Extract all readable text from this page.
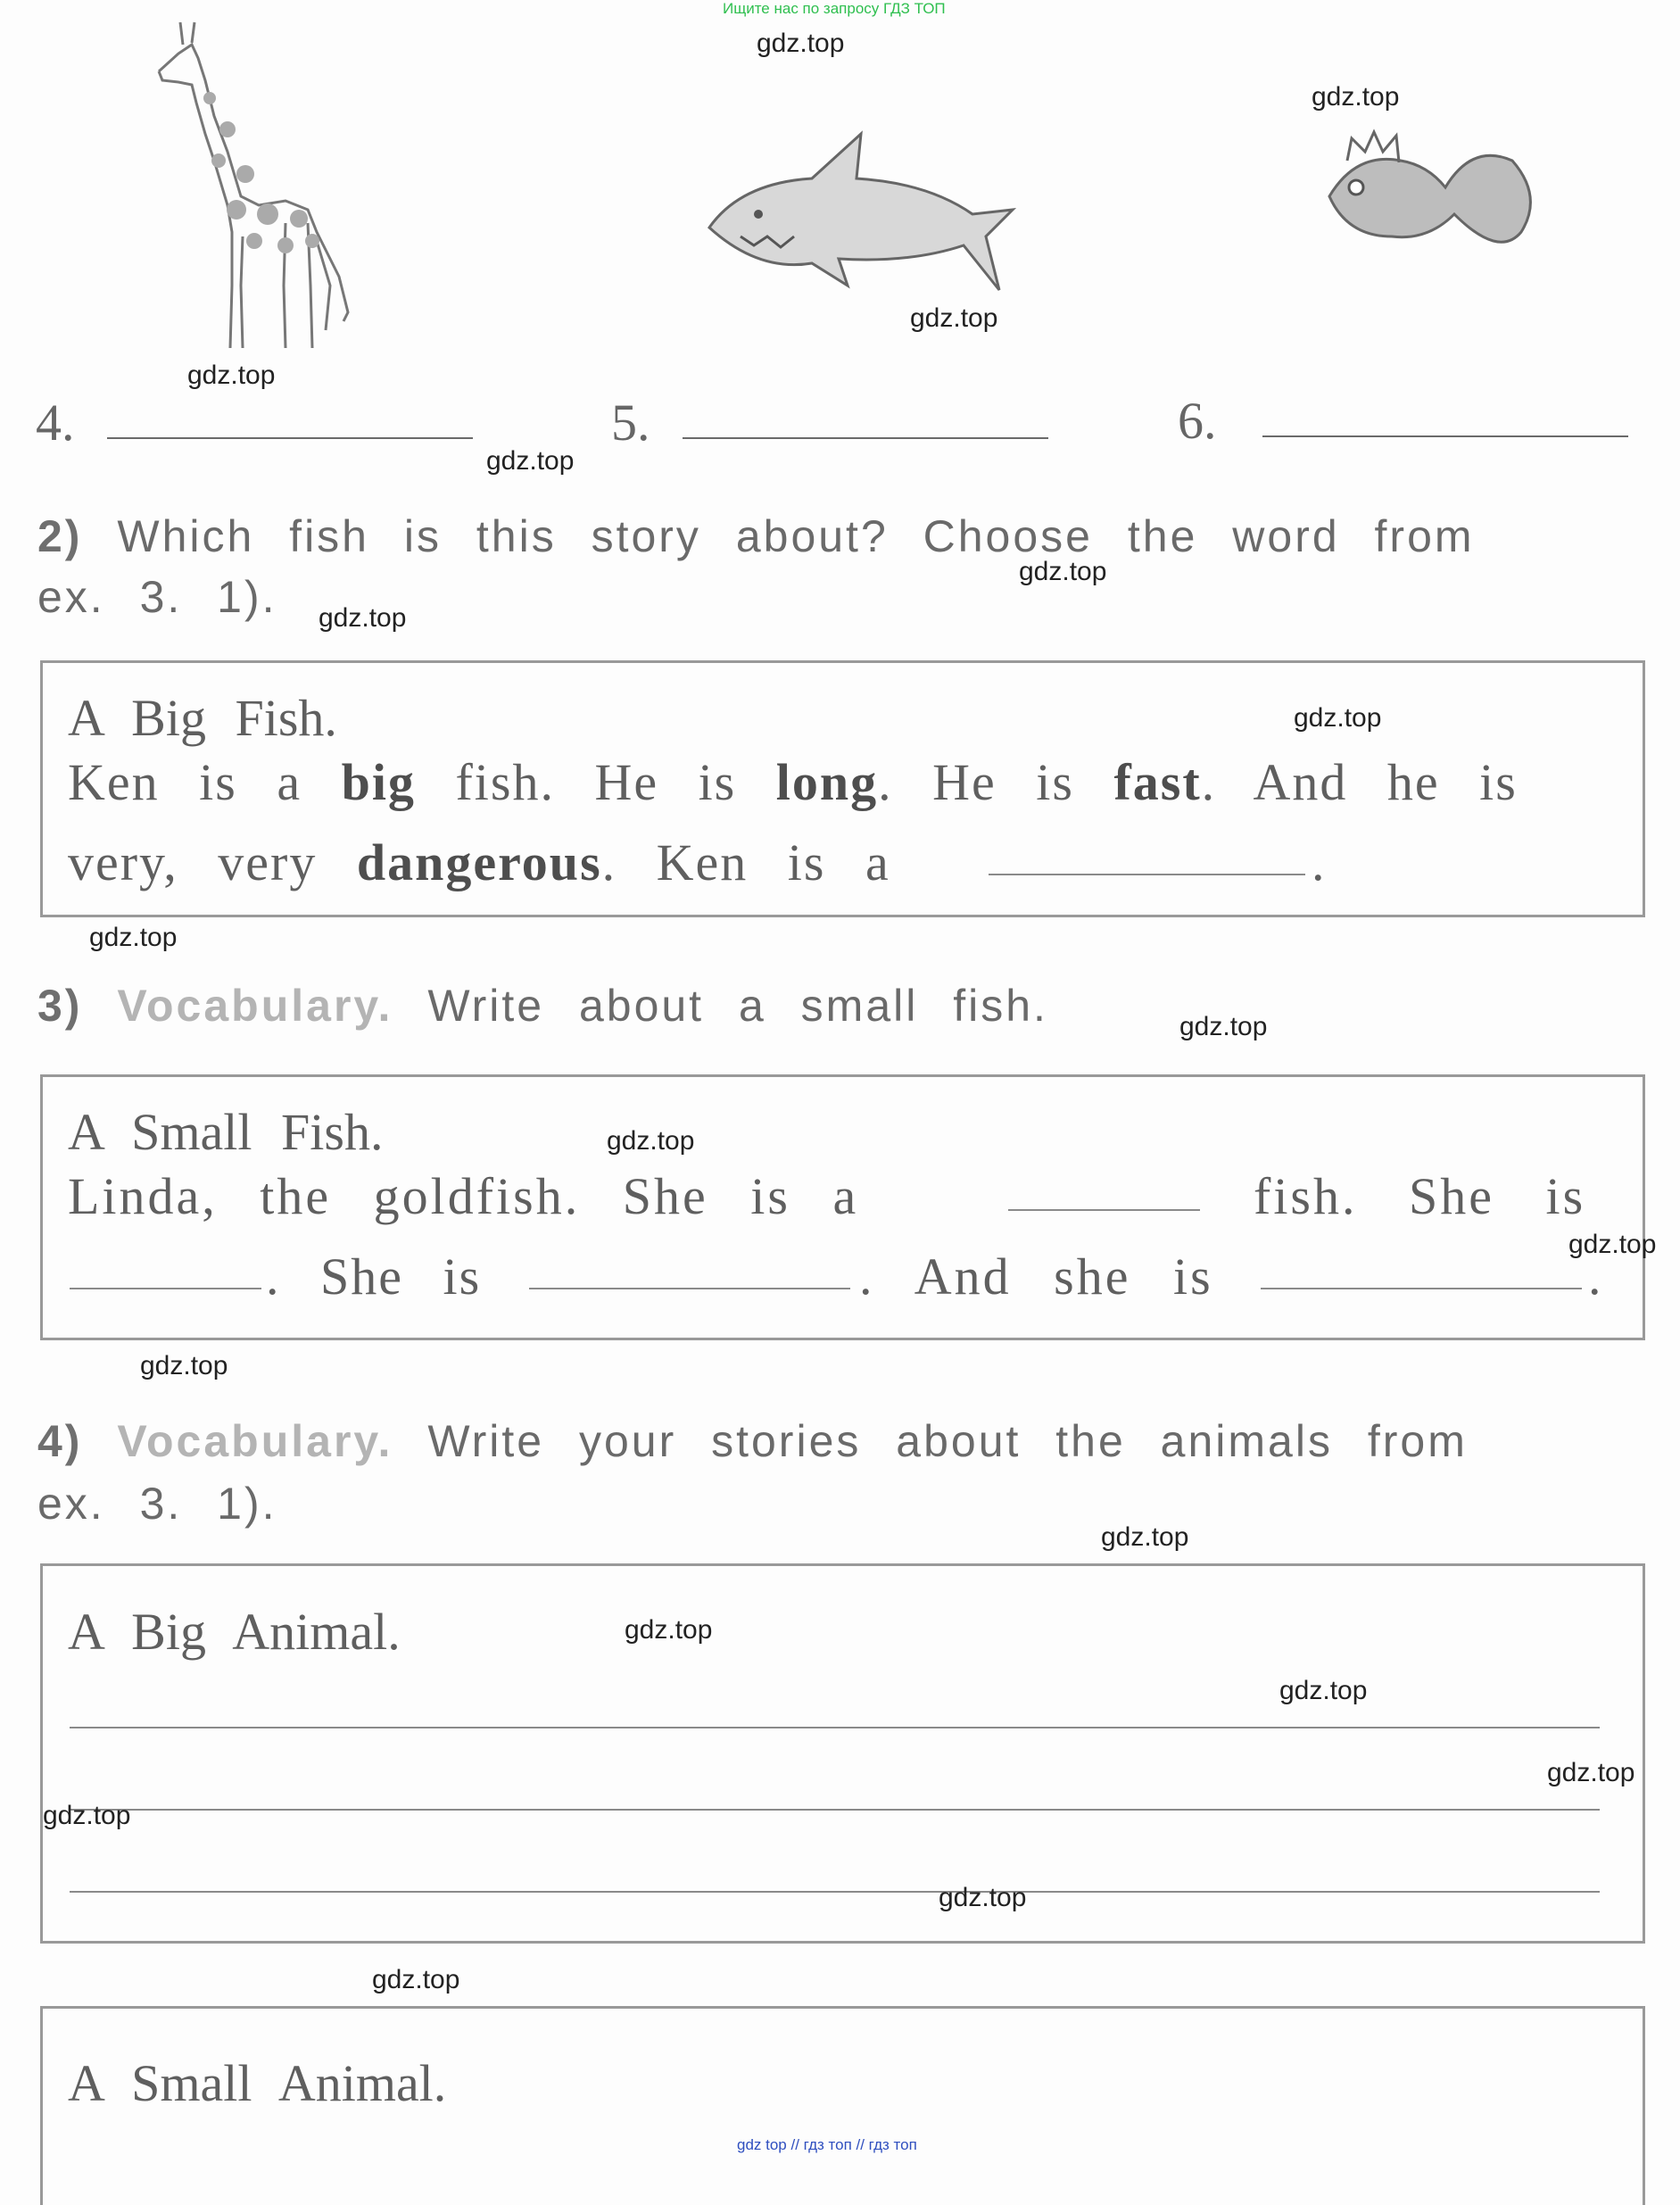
Ищите нас по запросу ГДЗ ТОП
4.	5.	6.
2) Which fish is this story about? Choose the word from
ex. 3. 1).
A Big Fish.
Ken is a big fish. He is long. He is fast. And he is
very, very dangerous. Ken is a	.
3) Vocabulary. Write about a small fish.
A Small Fish.
Linda, the goldfish. She is a	fish. She is
. She is	. And she is	.
4) Vocabulary. Write your stories about the animals from
ex. 3. 1).
A Big Animal.
A Small Animal.
gdz.top
gdz.top
gdz.top
gdz.top
gdz.top
gdz.top
gdz.top
gdz.top
gdz.top
gdz.top
gdz.top
gdz.top
gdz.top
gdz.top
gdz.top
gdz.top
gdz.top
gdz.top
gdz.top
gdz.top
gdz top // гдз топ // гдз топ
